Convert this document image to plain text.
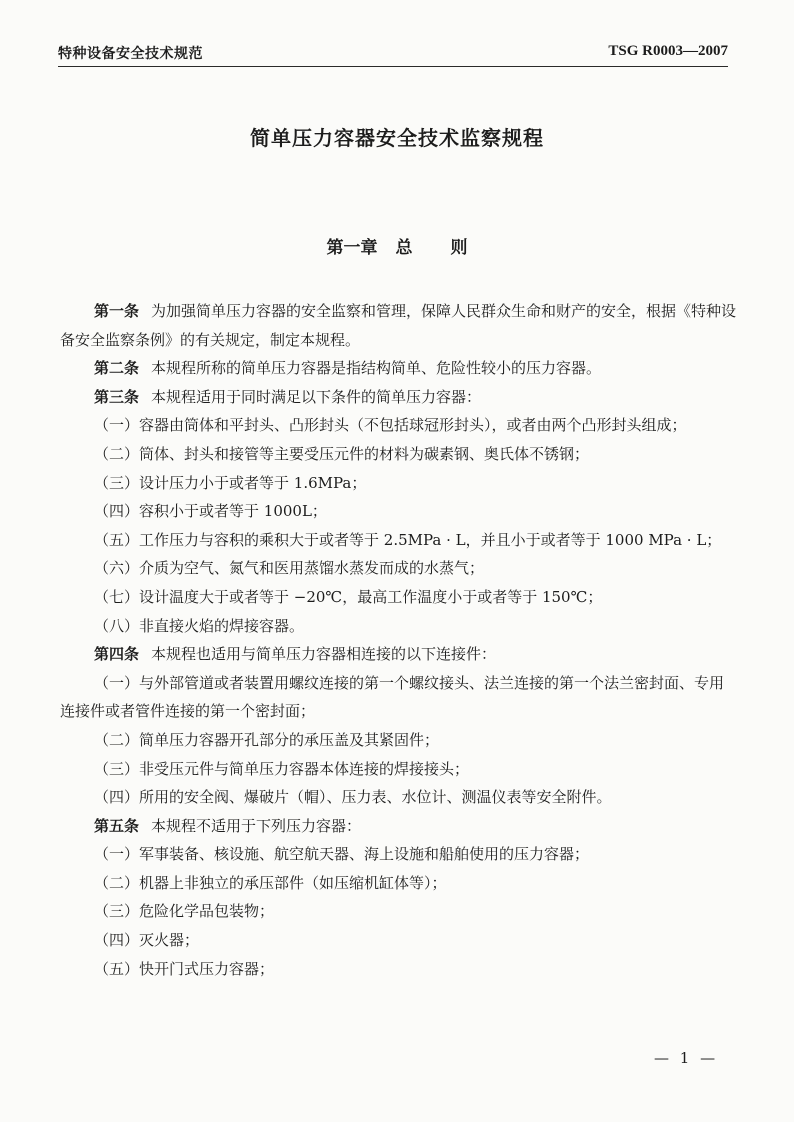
特种设备安全技术规范	TSG R0003—2007
简单压力容器安全技术监察规程
第一章 总 则

第一条 为加强简单压力容器的安全监察和管理，保障人民群众生命和财产的安全，根据《特种设备安全监察条例》的有关规定，制定本规程。

第二条 本规程所称的简单压力容器是指结构简单、危险性较小的压力容器。

第三条 本规程适用于同时满足以下条件的简单压力容器：

（一）容器由筒体和平封头、凸形封头（不包括球冠形封头），或者由两个凸形封头组成；

（二）筒体、封头和接管等主要受压元件的材料为碳素钢、奥氏体不锈钢；

（三）设计压力小于或者等于 1.6MPa；

（四）容积小于或者等于 1000L；

（五）工作压力与容积的乘积大于或者等于 2.5MPa · L，并且小于或者等于 1000 MPa · L；

（六）介质为空气、氮气和医用蒸馏水蒸发而成的水蒸气；

（七）设计温度大于或者等于 −20℃，最高工作温度小于或者等于 150℃；

（八）非直接火焰的焊接容器。

第四条 本规程也适用与简单压力容器相连接的以下连接件：

（一）与外部管道或者装置用螺纹连接的第一个螺纹接头、法兰连接的第一个法兰密封面、专用连接件或者管件连接的第一个密封面；

（二）简单压力容器开孔部分的承压盖及其紧固件；

（三）非受压元件与简单压力容器本体连接的焊接接头；

（四）所用的安全阀、爆破片（帽）、压力表、水位计、测温仪表等安全附件。

第五条 本规程不适用于下列压力容器：

（一）军事装备、核设施、航空航天器、海上设施和船舶使用的压力容器；

（二）机器上非独立的承压部件（如压缩机缸体等）；

（三）危险化学品包装物；

（四）灭火器；

（五）快开门式压力容器；

— 1 —
